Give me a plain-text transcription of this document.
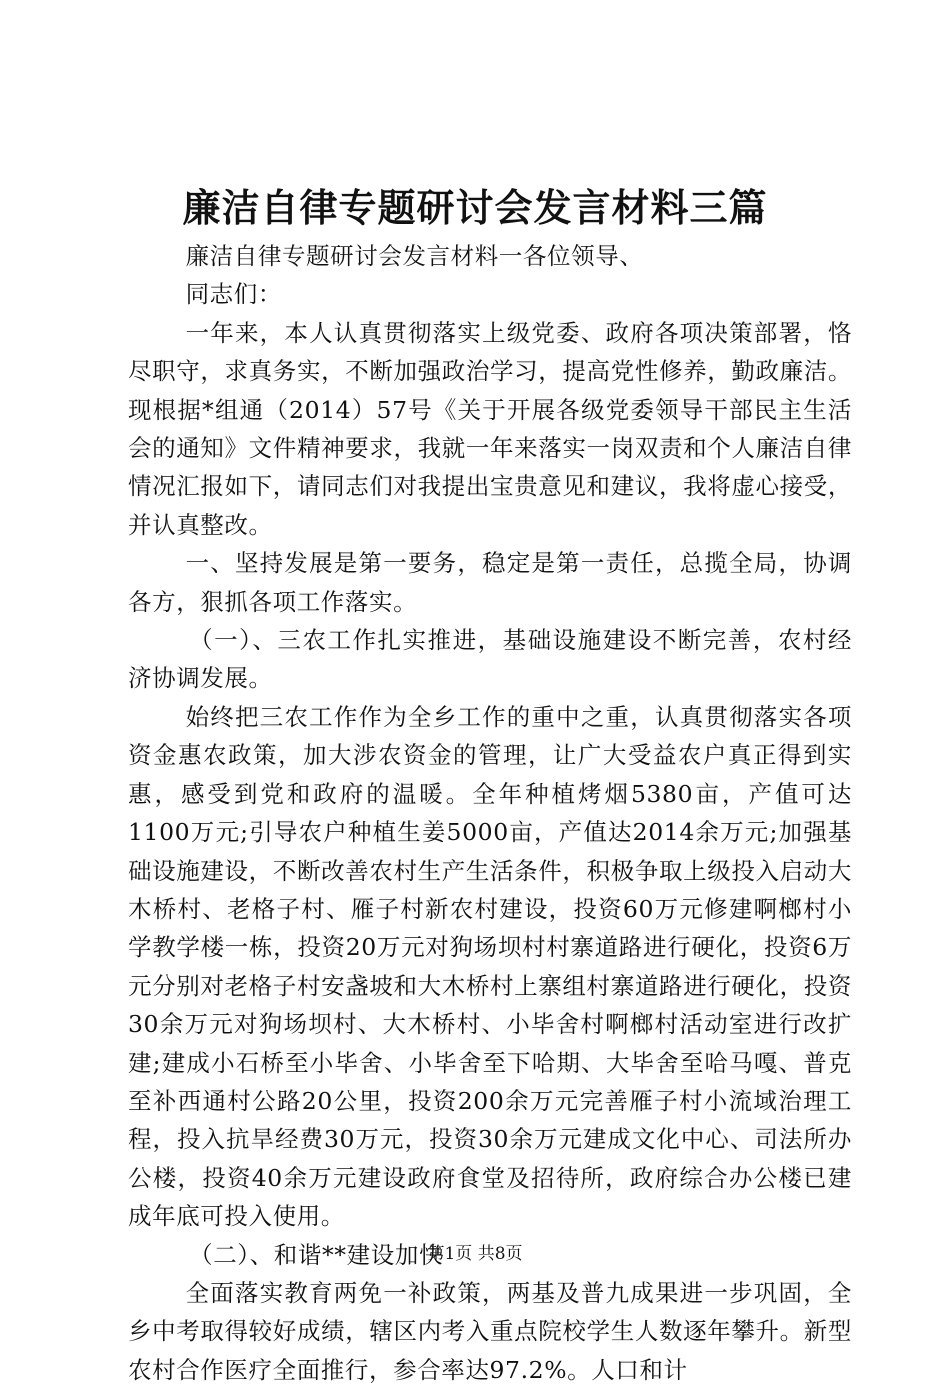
廉洁自律专题研讨会发言材料三篇

廉洁自律专题研讨会发言材料一各位领导、

同志们：

一年来，本人认真贯彻落实上级党委、政府各项决策部署，恪尽职守，求真务实，不断加强政治学习，提高党性修养，勤政廉洁。现根据*组通（2014）57号《关于开展各级党委领导干部民主生活会的通知》文件精神要求，我就一年来落实一岗双责和个人廉洁自律情况汇报如下，请同志们对我提出宝贵意见和建议，我将虚心接受，并认真整改。

一、坚持发展是第一要务，稳定是第一责任，总揽全局，协调各方，狠抓各项工作落实。

（一）、三农工作扎实推进，基础设施建设不断完善，农村经济协调发展。

始终把三农工作作为全乡工作的重中之重，认真贯彻落实各项资金惠农政策，加大涉农资金的管理，让广大受益农户真正得到实惠，感受到党和政府的温暖。全年种植烤烟5380亩，产值可达1100万元;引导农户种植生姜5000亩，产值达2014余万元;加强基础设施建设，不断改善农村生产生活条件，积极争取上级投入启动大木桥村、老格子村、雁子村新农村建设，投资60万元修建啊榔村小学教学楼一栋，投资20万元对狗场坝村村寨道路进行硬化，投资6万元分别对老格子村安盏坡和大木桥村上寨组村寨道路进行硬化，投资30余万元对狗场坝村、大木桥村、小毕舍村啊榔村活动室进行改扩建;建成小石桥至小毕舍、小毕舍至下哈期、大毕舍至哈马嘎、普克至补西通村公路20公里，投资200余万元完善雁子村小流域治理工程，投入抗旱经费30万元，投资30余万元建成文化中心、司法所办公楼，投资40余万元建设政府食堂及招待所，政府综合办公楼已建成年底可投入使用。

（二）、和谐**建设加快

全面落实教育两免一补政策，两基及普九成果进一步巩固，全乡中考取得较好成绩，辖区内考入重点院校学生人数逐年攀升。新型农村合作医疗全面推行，参合率达97.2%。人口和计

第1页 共8页
